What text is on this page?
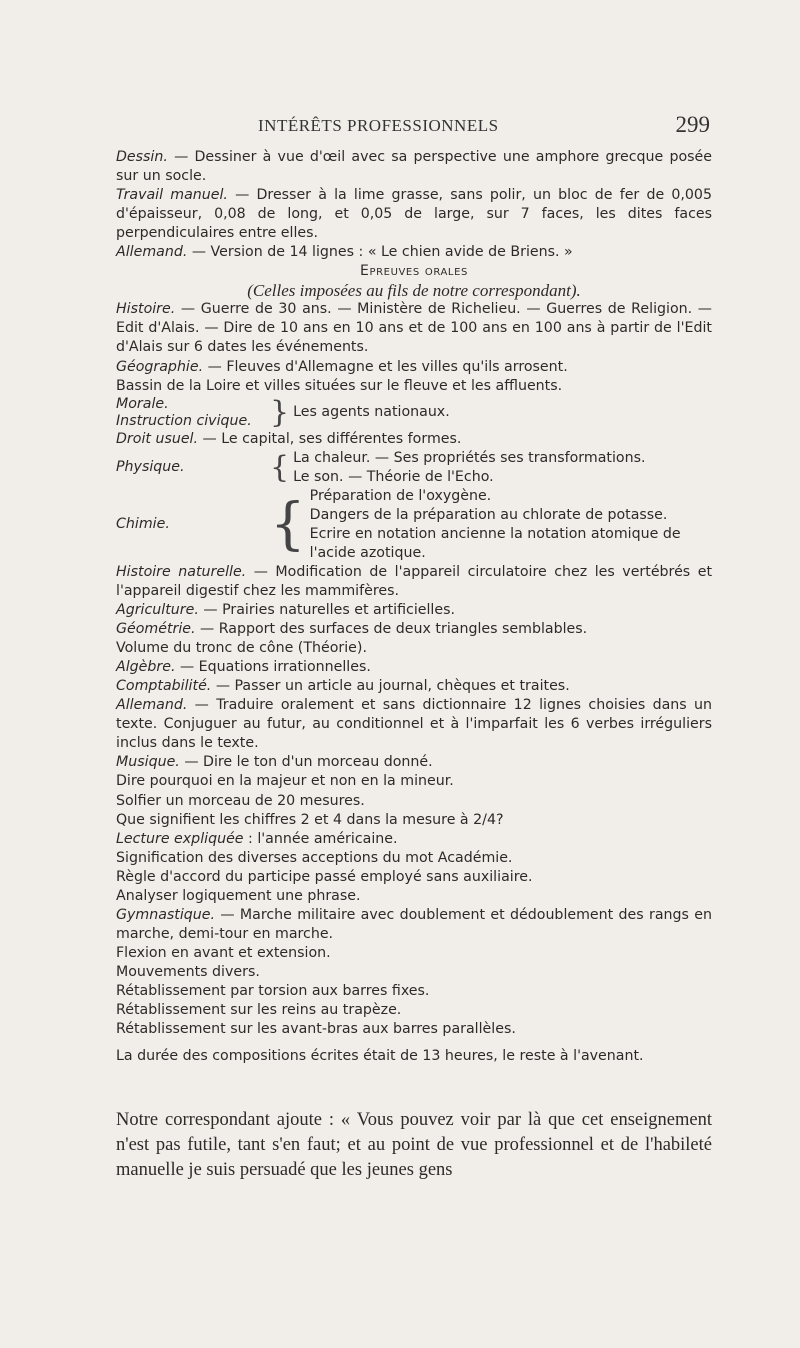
INTÉRÊTS PROFESSIONNELS	299

Dessin. — Dessiner à vue d'œil avec sa perspective une amphore grecque posée sur un socle.

Travail manuel. — Dresser à la lime grasse, sans polir, un bloc de fer de 0,005 d'épaisseur, 0,08 de long, et 0,05 de large, sur 7 faces, les dites faces perpendiculaires entre elles.

Allemand. — Version de 14 lignes : « Le chien avide de Briens. »

Epreuves orales

(Celles imposées au fils de notre correspondant).

Histoire. — Guerre de 30 ans. — Ministère de Richelieu. — Guerres de Religion. — Edit d'Alais. — Dire de 10 ans en 10 ans et de 100 ans en 100 ans à partir de l'Edit d'Alais sur 6 dates les événements.

Géographie. — Fleuves d'Allemagne et les villes qu'ils arrosent.

Bassin de la Loire et villes situées sur le fleuve et les affluents.

Morale.
Instruction civique. } Les agents nationaux.

Droit usuel. — Le capital, ses différentes formes.

Physique.	{ La chaleur. — Ses propriétés ses transformations.
Le son. — Théorie de l'Echo.
Chimie.	{ Préparation de l'oxygène.
Dangers de la préparation au chlorate de potasse.
Ecrire en notation ancienne la notation atomique de
l'acide azotique.

Histoire naturelle. — Modification de l'appareil circulatoire chez les vertébrés et l'appareil digestif chez les mammifères.

Agriculture. — Prairies naturelles et artificielles.

Géométrie. — Rapport des surfaces de deux triangles semblables.

Volume du tronc de cône (Théorie).

Algèbre. — Equations irrationnelles.

Comptabilité. — Passer un article au journal, chèques et traites.

Allemand. — Traduire oralement et sans dictionnaire 12 lignes choisies dans un texte. Conjuguer au futur, au conditionnel et à l'imparfait les 6 verbes irréguliers inclus dans le texte.

Musique. — Dire le ton d'un morceau donné.

Dire pourquoi en la majeur et non en la mineur.

Solfier un morceau de 20 mesures.

Que signifient les chiffres 2 et 4 dans la mesure à 2/4?

Lecture expliquée : l'année américaine.

Signification des diverses acceptions du mot Académie.

Règle d'accord du participe passé employé sans auxiliaire.

Analyser logiquement une phrase.

Gymnastique. — Marche militaire avec doublement et dédoublement des rangs en marche, demi-tour en marche.

Flexion en avant et extension.

Mouvements divers.

Rétablissement par torsion aux barres fixes.

Rétablissement sur les reins au trapèze.

Rétablissement sur les avant-bras aux barres parallèles.

La durée des compositions écrites était de 13 heures, le reste à l'avenant.

Notre correspondant ajoute : « Vous pouvez voir par là que cet enseignement n'est pas futile, tant s'en faut; et au point de vue professionnel et de l'habileté manuelle je suis persuadé que les jeunes gens
